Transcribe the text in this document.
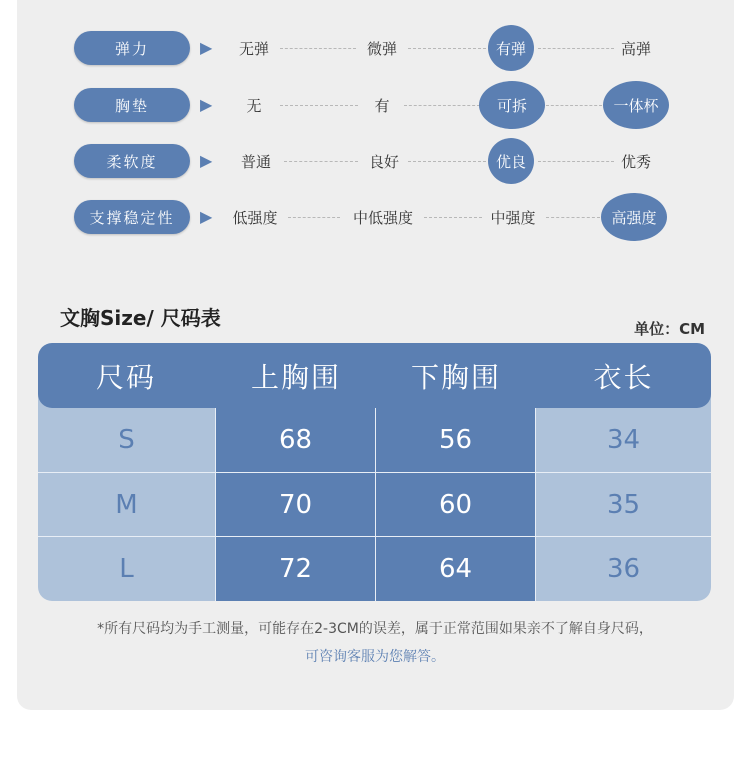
弹力	▶	无弹	微弹	有弹	高弹
胸垫	▶ 无	有	可拆	一体杯
柔软度	▶	普通	良好	优良	优秀
支撑稳定性	▶	低强度	中低强度	中强度	高强度
文胸Size/ 尺码表	单位：CM
尺码	上胸围	下胸围	衣长
S	68	56	34
M	70	60	35
L	72	64	36
*所有尺码均为手工测量，可能存在2-3CM的误差，属于正常范围如果亲不了解自身尺码，
可咨询客服为您解答。
